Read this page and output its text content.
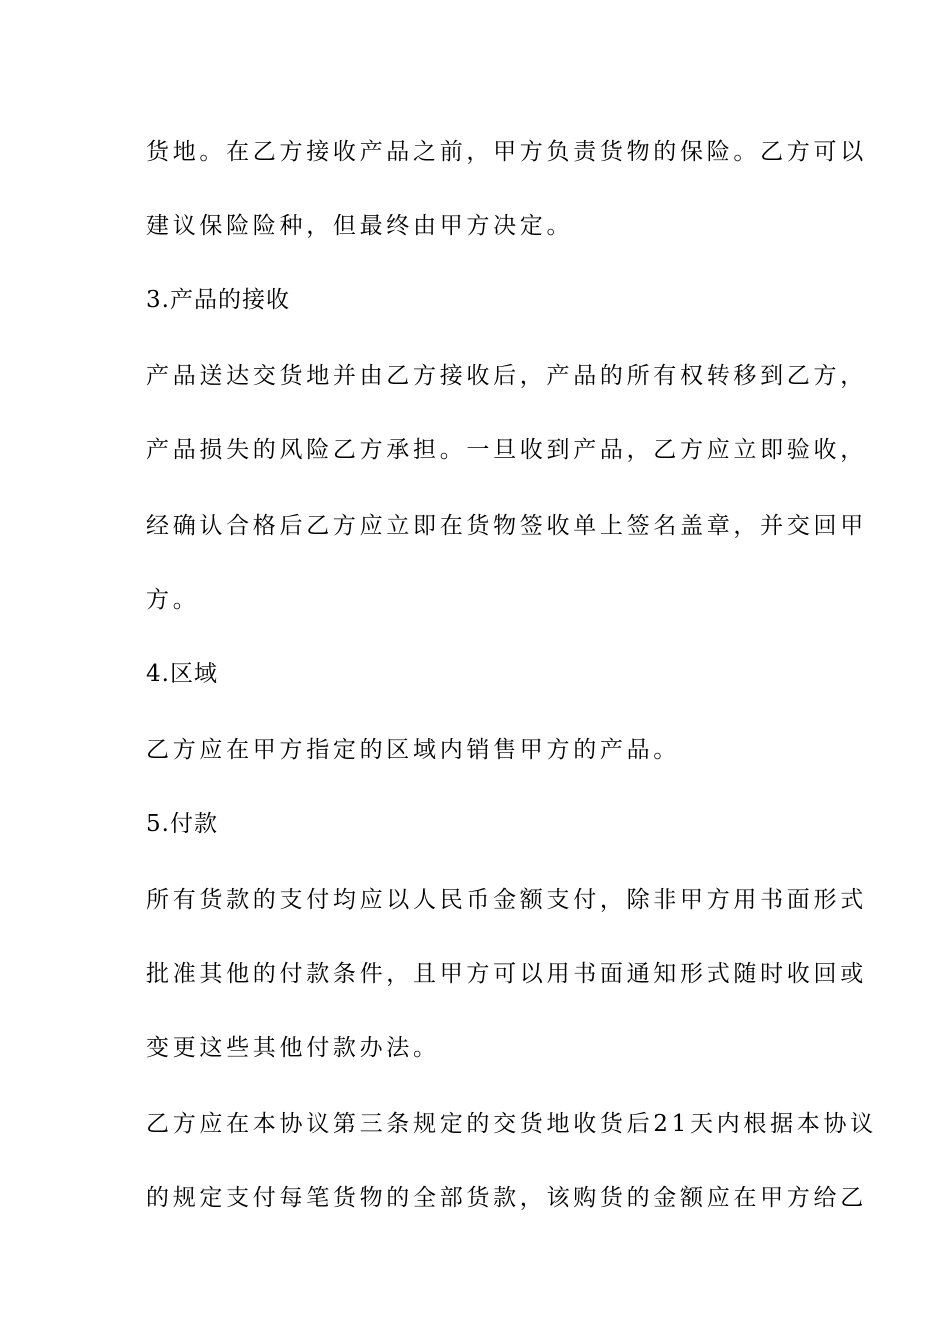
货地。在乙方接收产品之前，甲方负责货物的保险。乙方可以
建议保险险种，但最终由甲方决定。
3.产品的接收
产品送达交货地并由乙方接收后，产品的所有权转移到乙方，
产品损失的风险乙方承担。一旦收到产品，乙方应立即验收，
经确认合格后乙方应立即在货物签收单上签名盖章，并交回甲
方。
4.区域
乙方应在甲方指定的区域内销售甲方的产品。
5.付款
所有货款的支付均应以人民币金额支付，除非甲方用书面形式
批准其他的付款条件，且甲方可以用书面通知形式随时收回或
变更这些其他付款办法。
乙方应在本协议第三条规定的交货地收货后21天内根据本协议
的规定支付每笔货物的全部货款，该购货的金额应在甲方给乙
